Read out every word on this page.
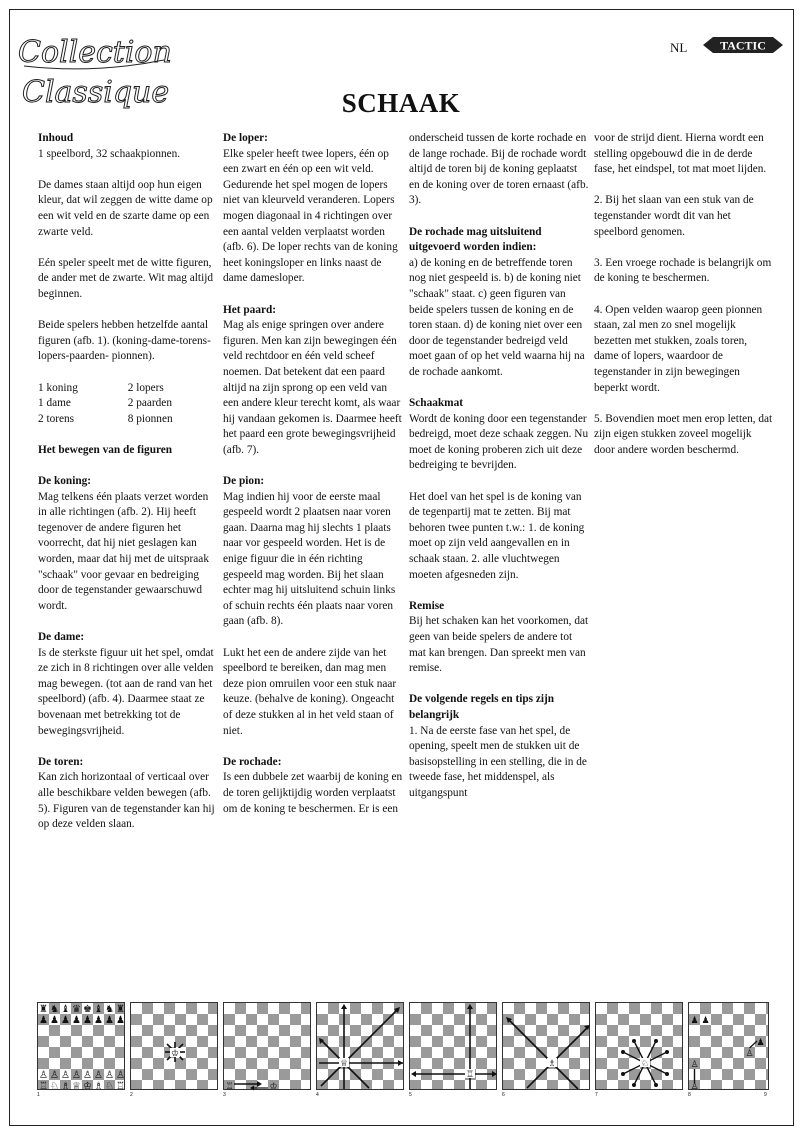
Collection
Classique
NL	TACTIC
SCHAAK
Inhoud

1 speelbord, 32 schaakpionnen.

De dames staan altijd oop hun eigen kleur, dat wil zeggen de witte dame op een wit veld en de szarte dame op een zwarte veld.

Eén speler speelt met de witte figuren, de ander met de zwarte. Wit mag altijd beginnen.

Beide spelers hebben hetzelfde aantal figuren (afb. 1). (koning-dame-torens-lopers-paarden- pionnen).

1 koning	2 lopers
1 dame	2 paarden
2 torens	8 pionnen

Het bewegen van de figuren

De koning:

Mag telkens één plaats verzet worden in alle richtingen (afb. 2). Hij heeft tegenover de andere figuren het voorrecht, dat hij niet geslagen kan worden, maar dat hij met de uitspraak "schaak" voor gevaar en bedreiging door de tegenstander gewaarschuwd wordt.

De dame:

Is de sterkste figuur uit het spel, omdat ze zich in 8 richtingen over alle velden mag bewegen. (tot aan de rand van het speelbord) (afb. 4). Daarmee staat ze bovenaan met betrekking tot de bewegingsvrijheid.

De toren:

Kan zich horizontaal of verticaal over alle beschikbare velden bewegen (afb. 5). Figuren van de tegenstander kan hij op deze velden slaan.

De loper:

Elke speler heeft twee lopers, één op een zwart en één op een wit veld. Gedurende het spel mogen de lopers niet van kleurveld veranderen. Lopers mogen diagonaal in 4 richtingen over een aantal velden verplaatst worden (afb. 6). De loper rechts van de koning heet koningsloper en links naast de dame damesloper.

Het paard:

Mag als enige springen over andere figuren. Men kan zijn bewegingen één veld rechtdoor en één veld scheef noemen. Dat betekent dat een paard altijd na zijn sprong op een veld van een andere kleur terecht komt, als waar hij vandaan gekomen is. Daarmee heeft het paard een grote bewegingsvrijheid (afb. 7).

De pion:

Mag indien hij voor de eerste maal gespeeld wordt 2 plaatsen naar voren gaan. Daarna mag hij slechts 1 plaats naar vor gespeeld worden. Het is de enige figuur die in één richting gespeeld mag worden. Bij het slaan echter mag hij uitsluitend schuin links of schuin rechts één plaats naar voren gaan (afb. 8).

Lukt het een de andere zijde van het speelbord te bereiken, dan mag men deze pion omruilen voor een stuk naar keuze. (behalve de koning). Ongeacht of deze stukken al in het veld staan of niet.

De rochade:

Is een dubbele zet waarbij de koning en de toren gelijktijdig worden verplaatst om de koning te beschermen. Er is een

onderscheid tussen de korte rochade en de lange rochade. Bij de rochade wordt altijd de toren bij de koning geplaatst en de koning over de toren ernaast (afb. 3).

De rochade mag uitsluitend uitgevoerd worden indien:

a) de koning en de betreffende toren nog niet gespeeld is. b) de koning niet "schaak" staat. c) geen figuren van beide spelers tussen de koning en de toren staan. d) de koning niet over een door de tegenstander bedreigd veld moet gaan of op het veld waarna hij na de rochade aankomt.

Schaakmat

Wordt de koning door een tegenstander bedreigd, moet deze schaak zeggen. Nu moet de koning proberen zich uit deze bedreiging te bevrijden.

Het doel van het spel is de koning van de tegenpartij mat te zetten. Bij mat behoren twee punten t.w.: 1. de koning moet op zijn veld aangevallen en in schaak staan. 2. alle vluchtwegen moeten afgesneden zijn.

Remise

Bij het schaken kan het voorkomen, dat geen van beide spelers de andere tot mat kan brengen. Dan spreekt men van remise.

De volgende regels en tips zijn belangrijk

1. Na de eerste fase van het spel, de opening, speelt men de stukken uit de basisopstelling in een stelling, die in de tweede fase, het middenspel, als uitgangspunt

voor de strijd dient. Hierna wordt een stelling opgebouwd die in de derde fase, het eindspel, tot mat moet lijden.

2. Bij het slaan van een stuk van de tegenstander wordt dit van het speelbord genomen.

3. Een vroege rochade is belangrijk om de koning te beschermen.

4. Open velden waarop geen pionnen staan, zal men zo snel mogelijk bezetten met stukken, zoals toren, dame of lopers, waardoor de tegenstander in zijn bewegingen beperkt wordt.

5. Bovendien moet men erop letten, dat zijn eigen stukken zoveel mogelijk door andere worden beschermd.

♜ ♞ ♝ ♛ ♚ ♝ ♞ ♜
♟ ♟ ♟ ♟ ♟ ♟ ♟ ♟
♙ ♙ ♙ ♙ ♙ ♙ ♙ ♙
♖ ♘ ♗ ♕ ♔ ♗ ♘ ♖
1
♔
2
♖	♔
3
♕
4
♖
5
♗
6
♘
7
♟ ♟
♟
♙
♙
♙
8	9
